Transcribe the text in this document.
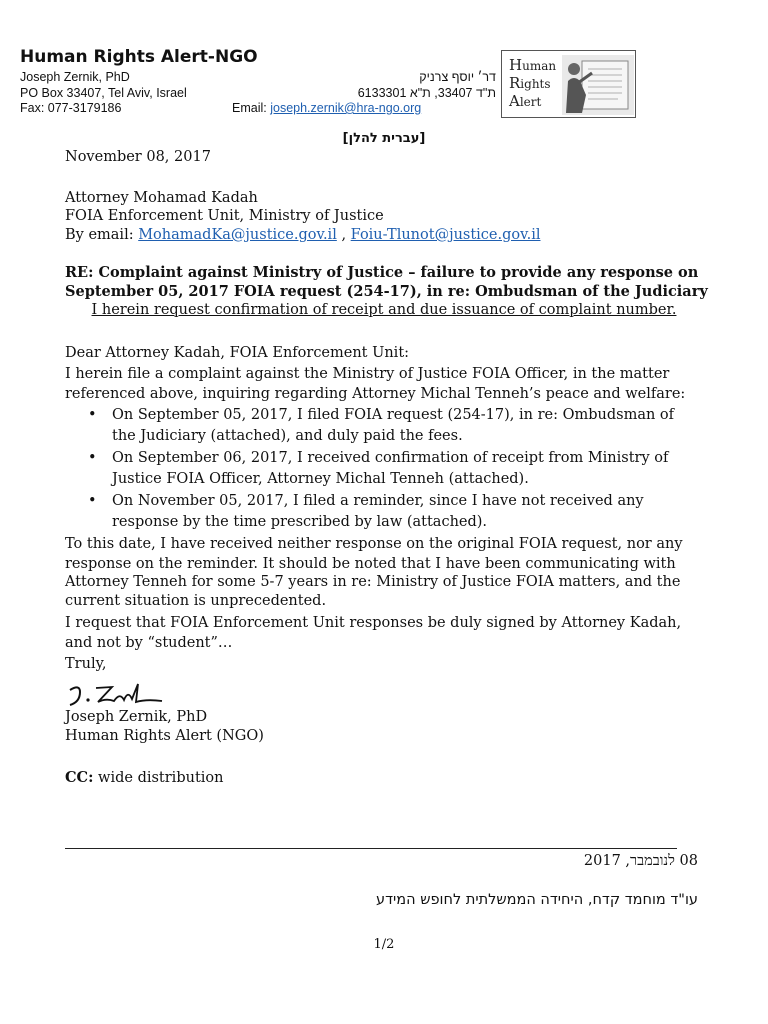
Human Rights Alert-NGO
Joseph Zernik, PhD
PO Box 33407, Tel Aviv, Israel
Fax: 077-3179186
דר׳ יוסף צרניק
ת"ד 33407, ת"א 6133301
Email: joseph.zernik@hra-ngo.org
Human
Rights
Alert
[עברית להלן]
November 08, 2017
Attorney Mohamad Kadah
FOIA Enforcement Unit, Ministry of Justice
By email: MohamadKa@justice.gov.il , Foiu-Tlunot@justice.gov.il
RE: Complaint against Ministry of Justice – failure to provide any response on
September 05, 2017 FOIA request (254-17), in re: Ombudsman of the Judiciary
I herein request confirmation of receipt and due issuance of complaint number.
Dear Attorney Kadah, FOIA Enforcement Unit:
I herein file a complaint against the Ministry of Justice FOIA Officer, in the matter
referenced above, inquiring regarding Attorney Michal Tenneh’s peace and welfare:
• On September 05, 2017, I filed FOIA request (254-17), in re: Ombudsman of
the Judiciary (attached), and duly paid the fees.
• On September 06, 2017, I received confirmation of receipt from Ministry of
Justice FOIA Officer, Attorney Michal Tenneh (attached).
• On November 05, 2017, I filed a reminder, since I have not received any
response by the time prescribed by law (attached).
To this date, I have received neither response on the original FOIA request, nor any
response on the reminder. It should be noted that I have been communicating with
Attorney Tenneh for some 5-7 years in re: Ministry of Justice FOIA matters, and the
current situation is unprecedented.
I request that FOIA Enforcement Unit responses be duly signed by Attorney Kadah,
and not by “student”…
Truly,
Joseph Zernik, PhD
Human Rights Alert (NGO)
CC: wide distribution
08 לנובמבר, 2017
עו"ד מוחמד קדח, היחידה הממשלתית לחופש המידע
1/2
